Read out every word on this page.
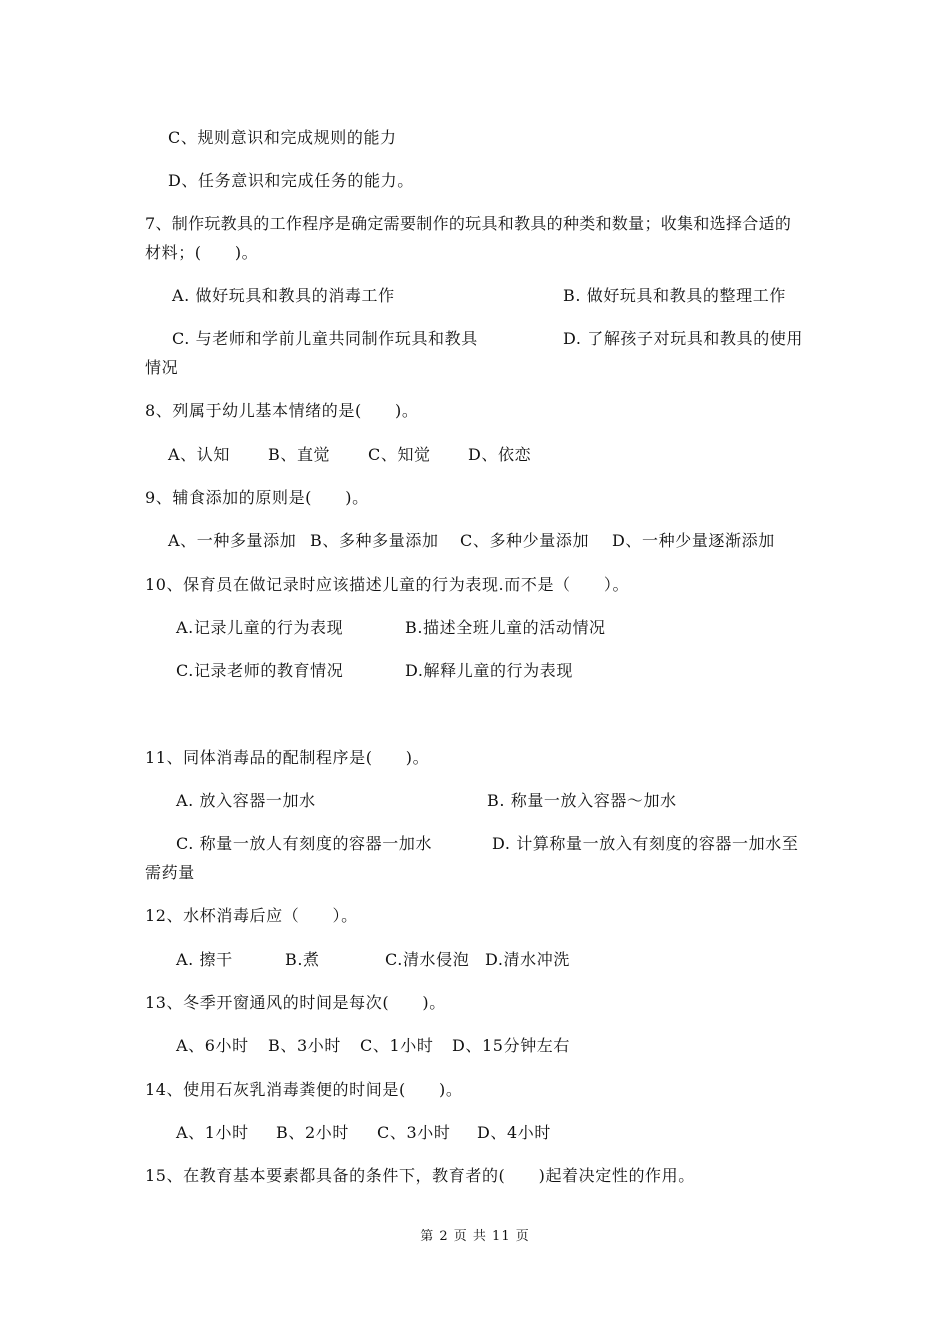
C、规则意识和完成规则的能力
D、任务意识和完成任务的能力。
7、制作玩教具的工作程序是确定需要制作的玩具和教具的种类和数量；收集和选择合适的
材料；(　　)。
A. 做好玩具和教具的消毒工作	B. 做好玩具和教具的整理工作
C. 与老师和学前儿童共同制作玩具和教具	D. 了解孩子对玩具和教具的使用
情况
8、列属于幼儿基本情绪的是(　　)。
A、认知 B、直觉 C、知觉 D、依恋
9、辅食添加的原则是(　　)。
A、一种多量添加 B、多种多量添加 C、多种少量添加 D、一种少量逐渐添加
10、保育员在做记录时应该描述儿童的行为表现.而不是（　　）。
A.记录儿童的行为表现	B.描述全班儿童的活动情况
C.记录老师的教育情况	D.解释儿童的行为表现
11、同体消毒品的配制程序是(　　)。
A. 放入容器一加水	B. 称量一放入容器～加水
C. 称量一放人有刻度的容器一加水	D. 计算称量一放入有刻度的容器一加水至
需药量
12、水杯消毒后应（　　）。
A. 擦干	B.煮	C.清水侵泡 D.清水冲洗
13、冬季开窗通风的时间是每次(　　)。
A、6小时 B、3小时 C、1小时 D、15分钟左右
14、使用石灰乳消毒粪便的时间是(　　)。
A、1小时 B、2小时 C、3小时 D、4小时
15、在教育基本要素都具备的条件下，教育者的(　　)起着决定性的作用。
第 2 页 共 11 页
